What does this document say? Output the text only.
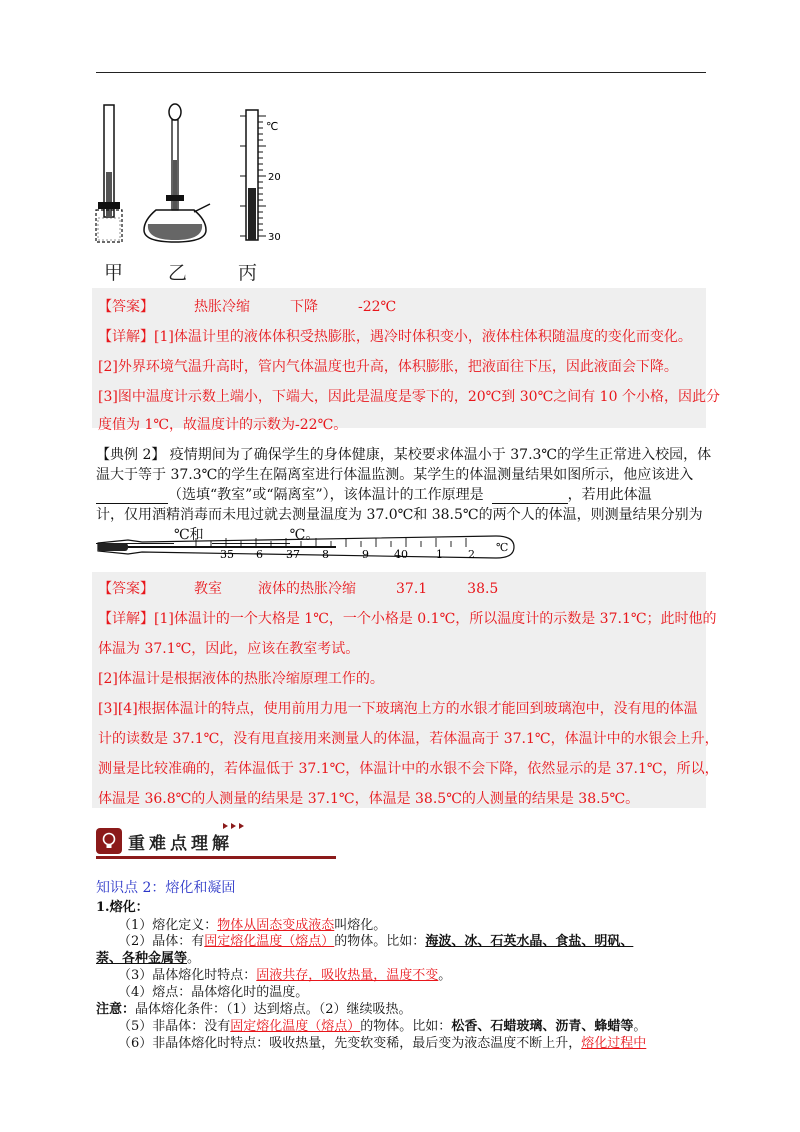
℃
20
30
甲 乙	丙
【答案】	热胀冷缩	下降	-22℃
【详解】[1]体温计里的液体体积受热膨胀，遇冷时体积变小，液体柱体积随温度的变化而变化。
[2]外界环境气温升高时，管内气体温度也升高，体积膨胀，把液面往下压，因此液面会下降。
[3]图中温度计示数上端小，下端大，因此是温度是零下的，20℃到 30℃之间有 10 个小格，因此分
度值为 1℃，故温度计的示数为-22℃。
【典例 2】 疫情期间为了确保学生的身体健康，某校要求体温小于 37.3℃的学生正常进入校园，体
温大于等于 37.3℃的学生在隔离室进行体温监测。某学生的体温测量结果如图所示，他应该进入
（选填“教室”或“隔离室”），该体温计的工作原理是	，若用此体温
计，仅用酒精消毒而未甩过就去测量温度为 37.0℃和 38.5℃的两个人的体温，则测量结果分别为
℃和	℃。
35 6 37 8	9 40	1 2
℃
【答案】	教室	液体的热胀冷缩	37.1	38.5
【详解】[1]体温计的一个大格是 1℃，一个小格是 0.1℃，所以温度计的示数是 37.1℃；此时他的
体温为 37.1℃，因此，应该在教室考试。
[2]体温计是根据液体的热胀冷缩原理工作的。
[3][4]根据体温计的特点，使用前用力甩一下玻璃泡上方的水银才能回到玻璃泡中，没有甩的体温
计的读数是 37.1℃，没有甩直接用来测量人的体温，若体温高于 37.1℃，体温计中的水银会上升，
测量是比较准确的，若体温低于 37.1℃，体温计中的水银不会下降，依然显示的是 37.1℃，所以，
体温是 36.8℃的人测量的结果是 37.1℃，体温是 38.5℃的人测量的结果是 38.5℃。
重难点理解
知识点 2：熔化和凝固
1.熔化：
（1）熔化定义：物体从固态变成液态叫熔化。
（2）晶体：有固定熔化温度（熔点）的物体。比如：海波、冰、石英水晶、食盐、明矾、
萘、各种金属等。
（3）晶体熔化时特点：固液共存，吸收热量，温度不变。
（4）熔点：晶体熔化时的温度。
注意：晶体熔化条件：（1）达到熔点。（2）继续吸热。
（5）非晶体：没有固定熔化温度（熔点）的物体。比如：松香、石蜡玻璃、沥青、蜂蜡等。
（6）非晶体熔化时特点：吸收热量，先变软变稀，最后变为液态温度不断上升，熔化过程中
